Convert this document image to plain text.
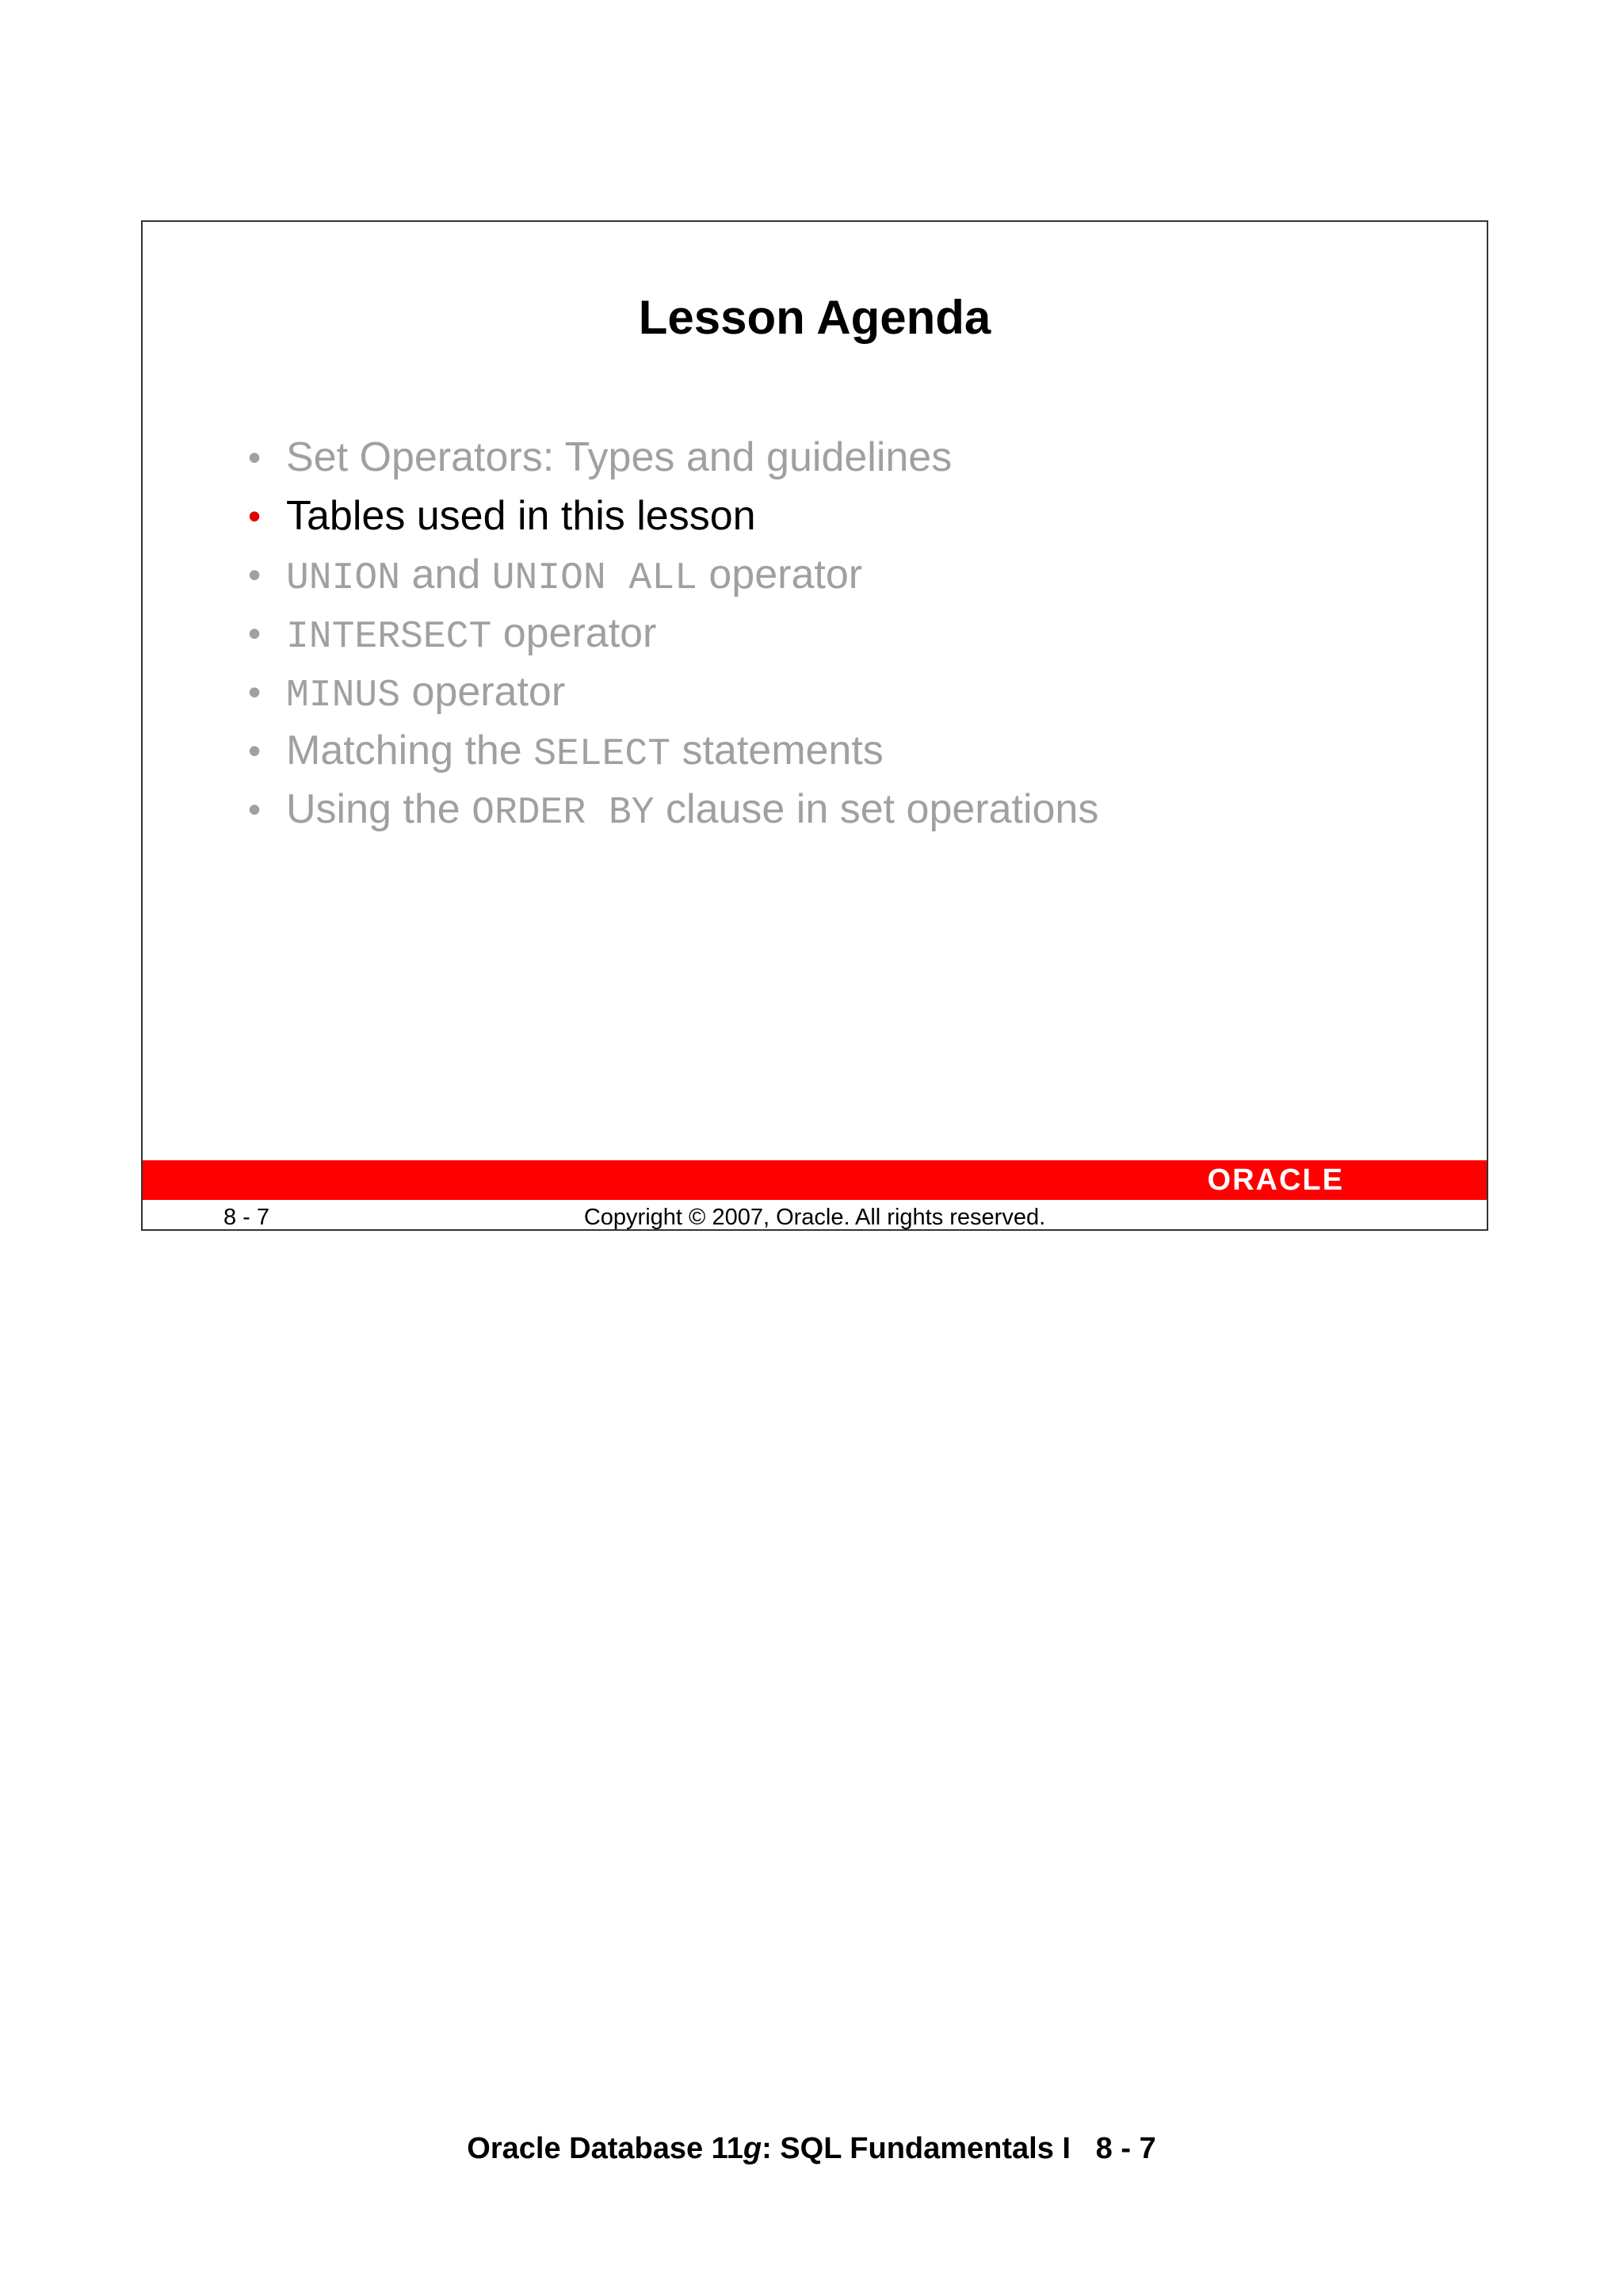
Lesson Agenda
• Set Operators: Types and guidelines
• Tables used in this lesson
• UNION and UNION ALL operator
• INTERSECT operator
• MINUS operator
• Matching the SELECT statements
• Using the ORDER BY clause in set operations
ORACLE
8 - 7	Copyright © 2007, Oracle. All rights reserved.
Oracle Database 11g: SQL Fundamentals I   8 - 7
